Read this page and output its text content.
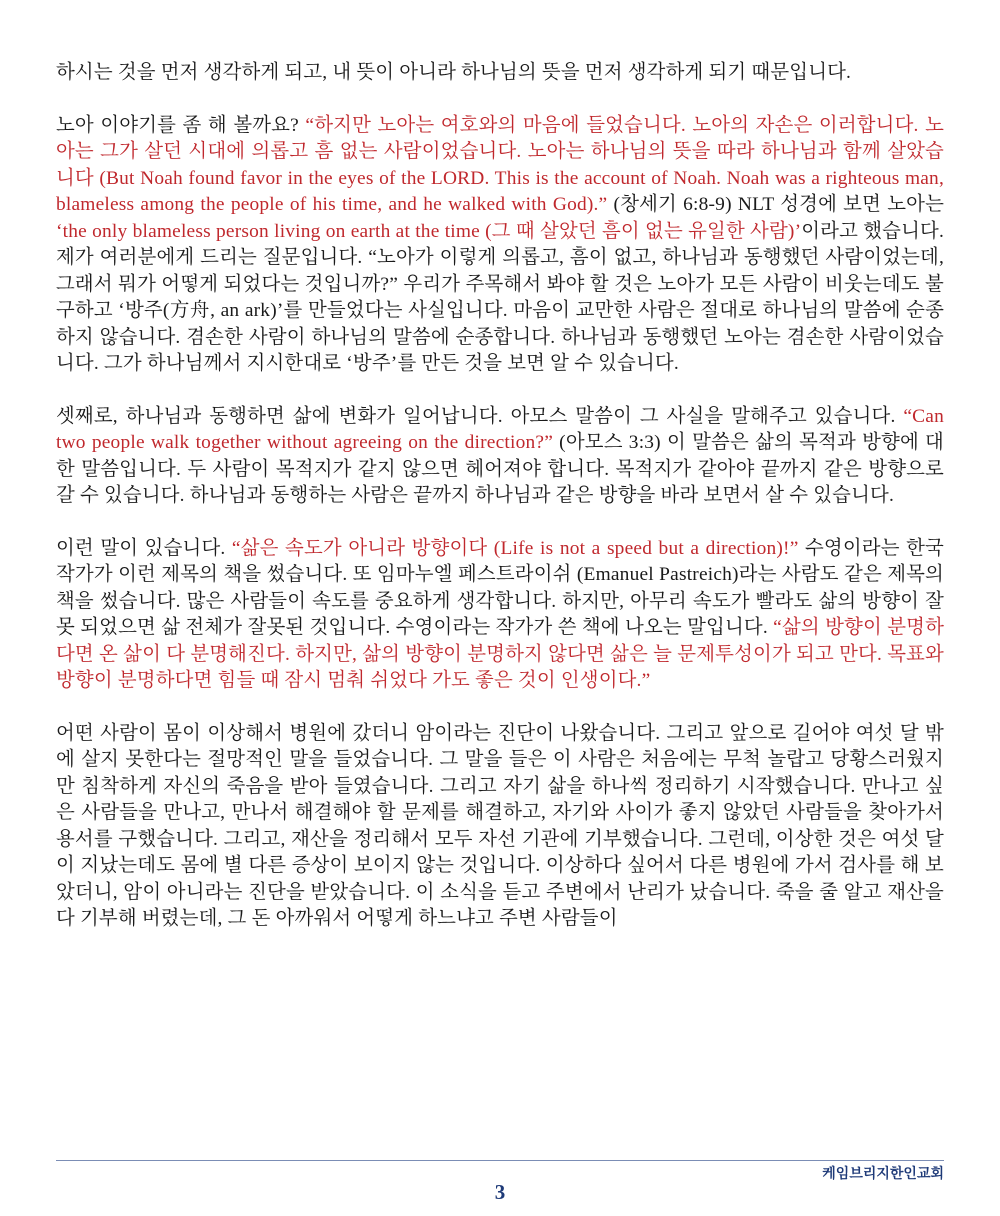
하시는 것을 먼저 생각하게 되고, 내 뜻이 아니라 하나님의 뜻을 먼저 생각하게 되기 때문입니다.

노아 이야기를 좀 해 볼까요? “하지만 노아는 여호와의 마음에 들었습니다. 노아의 자손은 이러합니다. 노아는 그가 살던 시대에 의롭고 흠 없는 사람이었습니다. 노아는 하나님의 뜻을 따라 하나님과 함께 살았습니다 (But Noah found favor in the eyes of the LORD. This is the account of Noah. Noah was a righteous man, blameless among the people of his time, and he walked with God).” (창세기 6:8-9) NLT 성경에 보면 노아는 ‘the only blameless person living on earth at the time (그 때 살았던 흠이 없는 유일한 사람)’이라고 했습니다. 제가 여러분에게 드리는 질문입니다. “노아가 이렇게 의롭고, 흠이 없고, 하나님과 동행했던 사람이었는데, 그래서 뭐가 어떻게 되었다는 것입니까?” 우리가 주목해서 봐야 할 것은 노아가 모든 사람이 비웃는데도 불구하고 ‘방주(方舟, an ark)’를 만들었다는 사실입니다. 마음이 교만한 사람은 절대로 하나님의 말씀에 순종하지 않습니다. 겸손한 사람이 하나님의 말씀에 순종합니다. 하나님과 동행했던 노아는 겸손한 사람이었습니다. 그가 하나님께서 지시한대로 ‘방주’를 만든 것을 보면 알 수 있습니다.

셋째로, 하나님과 동행하면 삶에 변화가 일어납니다. 아모스 말씀이 그 사실을 말해주고 있습니다. “Can two people walk together without agreeing on the direction?” (아모스 3:3) 이 말씀은 삶의 목적과 방향에 대한 말씀입니다. 두 사람이 목적지가 같지 않으면 헤어져야 합니다. 목적지가 같아야 끝까지 같은 방향으로 갈 수 있습니다. 하나님과 동행하는 사람은 끝까지 하나님과 같은 방향을 바라 보면서 살 수 있습니다.

이런 말이 있습니다. “삶은 속도가 아니라 방향이다 (Life is not a speed but a direction)!” 수영이라는 한국 작가가 이런 제목의 책을 썼습니다. 또 임마누엘 페스트라이쉬 (Emanuel Pastreich)라는 사람도 같은 제목의 책을 썼습니다. 많은 사람들이 속도를 중요하게 생각합니다. 하지만, 아무리 속도가 빨라도 삶의 방향이 잘못 되었으면 삶 전체가 잘못된 것입니다. 수영이라는 작가가 쓴 책에 나오는 말입니다. “삶의 방향이 분명하다면 온 삶이 다 분명해진다. 하지만, 삶의 방향이 분명하지 않다면 삶은 늘 문제투성이가 되고 만다. 목표와 방향이 분명하다면 힘들 때 잠시 멈춰 쉬었다 가도 좋은 것이 인생이다.”

어떤 사람이 몸이 이상해서 병원에 갔더니 암이라는 진단이 나왔습니다. 그리고 앞으로 길어야 여섯 달 밖에 살지 못한다는 절망적인 말을 들었습니다. 그 말을 들은 이 사람은 처음에는 무척 놀랍고 당황스러웠지만 침착하게 자신의 죽음을 받아 들였습니다. 그리고 자기 삶을 하나씩 정리하기 시작했습니다. 만나고 싶은 사람들을 만나고, 만나서 해결해야 할 문제를 해결하고, 자기와 사이가 좋지 않았던 사람들을 찾아가서 용서를 구했습니다. 그리고, 재산을 정리해서 모두 자선 기관에 기부했습니다. 그런데, 이상한 것은 여섯 달이 지났는데도 몸에 별 다른 증상이 보이지 않는 것입니다. 이상하다 싶어서 다른 병원에 가서 검사를 해 보았더니, 암이 아니라는 진단을 받았습니다. 이 소식을 듣고 주변에서 난리가 났습니다. 죽을 줄 알고 재산을 다 기부해 버렸는데, 그 돈 아까워서 어떻게 하느냐고 주변 사람들이

케임브리지한인교회
3
